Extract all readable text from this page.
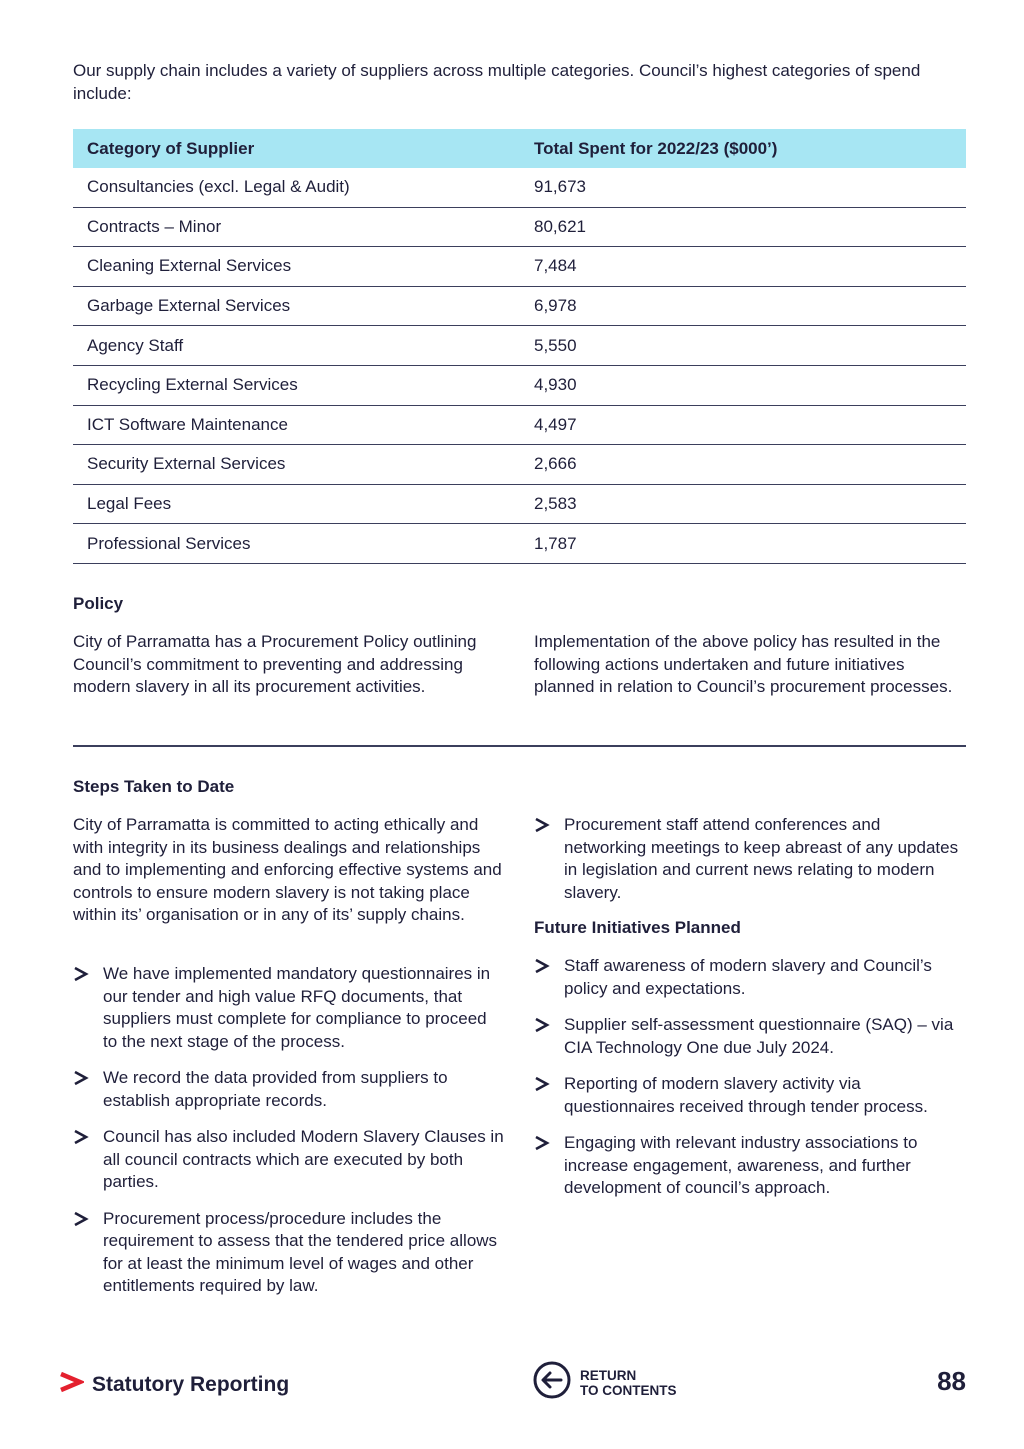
Our supply chain includes a variety of suppliers across multiple categories. Council’s highest categories of spend include:

Category of Supplier	Total Spent for 2022/23 ($000’)
Consultancies (excl. Legal & Audit)	91,673
Contracts – Minor	80,621
Cleaning External Services	7,484
Garbage External Services	6,978
Agency Staff	5,550
Recycling External Services	4,930
ICT Software Maintenance	4,497
Security External Services	2,666
Legal Fees	2,583
Professional Services	1,787
Policy

City of Parramatta has a Procurement Policy outlining Council’s commitment to preventing and addressing modern slavery in all its procurement activities.

Implementation of the above policy has resulted in the following actions undertaken and future initiatives planned in relation to Council’s procurement processes.

Steps Taken to Date

City of Parramatta is committed to acting ethically and with integrity in its business dealings and relationships and to implementing and enforcing effective systems and controls to ensure modern slavery is not taking place within its’ organisation or in any of its’ supply chains.

We have implemented mandatory questionnaires in our tender and high value RFQ documents, that suppliers must complete for compliance to proceed to the next stage of the process.
We record the data provided from suppliers to establish appropriate records.
Council has also included Modern Slavery Clauses in all council contracts which are executed by both parties.
Procurement process/procedure includes the requirement to assess that the tendered price allows for at least the minimum level of wages and other entitlements required by law.
Procurement staff attend conferences and networking meetings to keep abreast of any updates in legislation and current news relating to modern slavery.
Future Initiatives Planned
Staff awareness of modern slavery and Council’s policy and expectations.
Supplier self-assessment questionnaire (SAQ) – via CIA Technology One due July 2024.
Reporting of modern slavery activity via questionnaires received through tender process.
Engaging with relevant industry associations to increase engagement, awareness, and further development of council’s approach.
Statutory Reporting	RETURN
TO CONTENTS	88
